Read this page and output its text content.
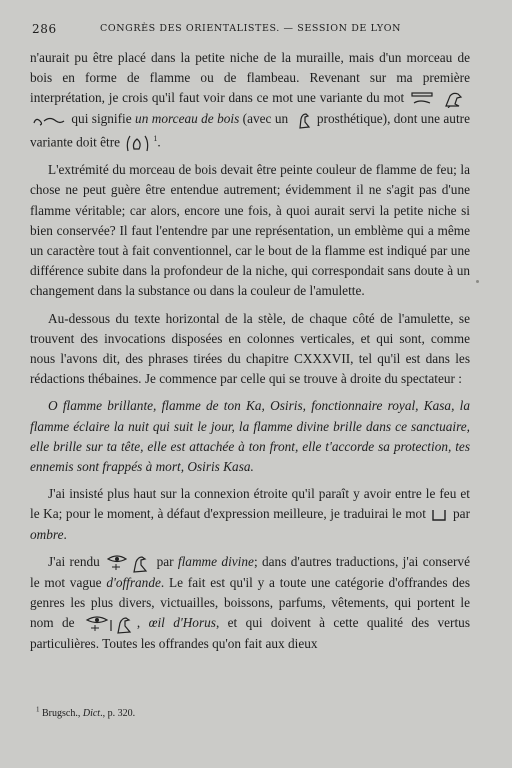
286	CONGRÈS DES ORIENTALISTES. — SESSION DE LYON

n'aurait pu être placé dans la petite niche de la muraille, mais d'un morceau de bois en forme de flamme ou de flambeau. Revenant sur ma première interprétation, je crois qu'il faut voir dans ce mot une variante du mot   qui signifie un morceau de bois (avec un prosthétique), dont une autre variante doit être	$^1$.

L'extrémité du morceau de bois devait être peinte couleur de flamme de feu; la chose ne peut guère être entendue autrement; évidemment il ne s'agit pas d'une flamme véritable; car alors, encore une fois, à quoi aurait servi la petite niche si bien conservée? Il faut l'entendre par une représentation, un emblème qui a même un caractère tout à fait conventionnel, car le bout de la flamme est indiqué par une différence subite dans la profondeur de la niche, qui correspondait sans doute à un changement dans la substance ou dans la couleur de l'amulette.

Au-dessous du texte horizontal de la stèle, de chaque côté de l'amulette, se trouvent des invocations disposées en colonnes verticales, et qui sont, comme nous l'avons dit, des phrases tirées du chapitre CXXXVII, tel qu'il est dans les rédactions thébaines. Je commence par celle qui se trouve à droite du spectateur :

O flamme brillante, flamme de ton Ka, Osiris, fonctionnaire royal, Kasa, la flamme éclaire la nuit qui suit le jour, la flamme divine brille dans ce sanctuaire, elle brille sur ta tête, elle est attachée à ton front, elle t'accorde sa protection, tes ennemis sont frappés à mort, Osiris Kasa.

J'ai insisté plus haut sur la connexion étroite qu'il paraît y avoir entre le feu et le Ka; pour le moment, à défaut d'expression meilleure, je traduirai le mot par ombre.

J'ai rendu	par flamme divine; dans d'autres traductions, j'ai conservé le mot vague d'offrande. Le fait est qu'il y a toute une catégorie d'offrandes des genres les plus divers, victuailles, boissons, parfums, vêtements, qui portent le nom de	, œil d'Horus, et qui doivent à cette qualité des vertus particulières. Toutes les offrandes qu'on fait aux dieux

$^1$ Brugsch., Dict., p. 320.
